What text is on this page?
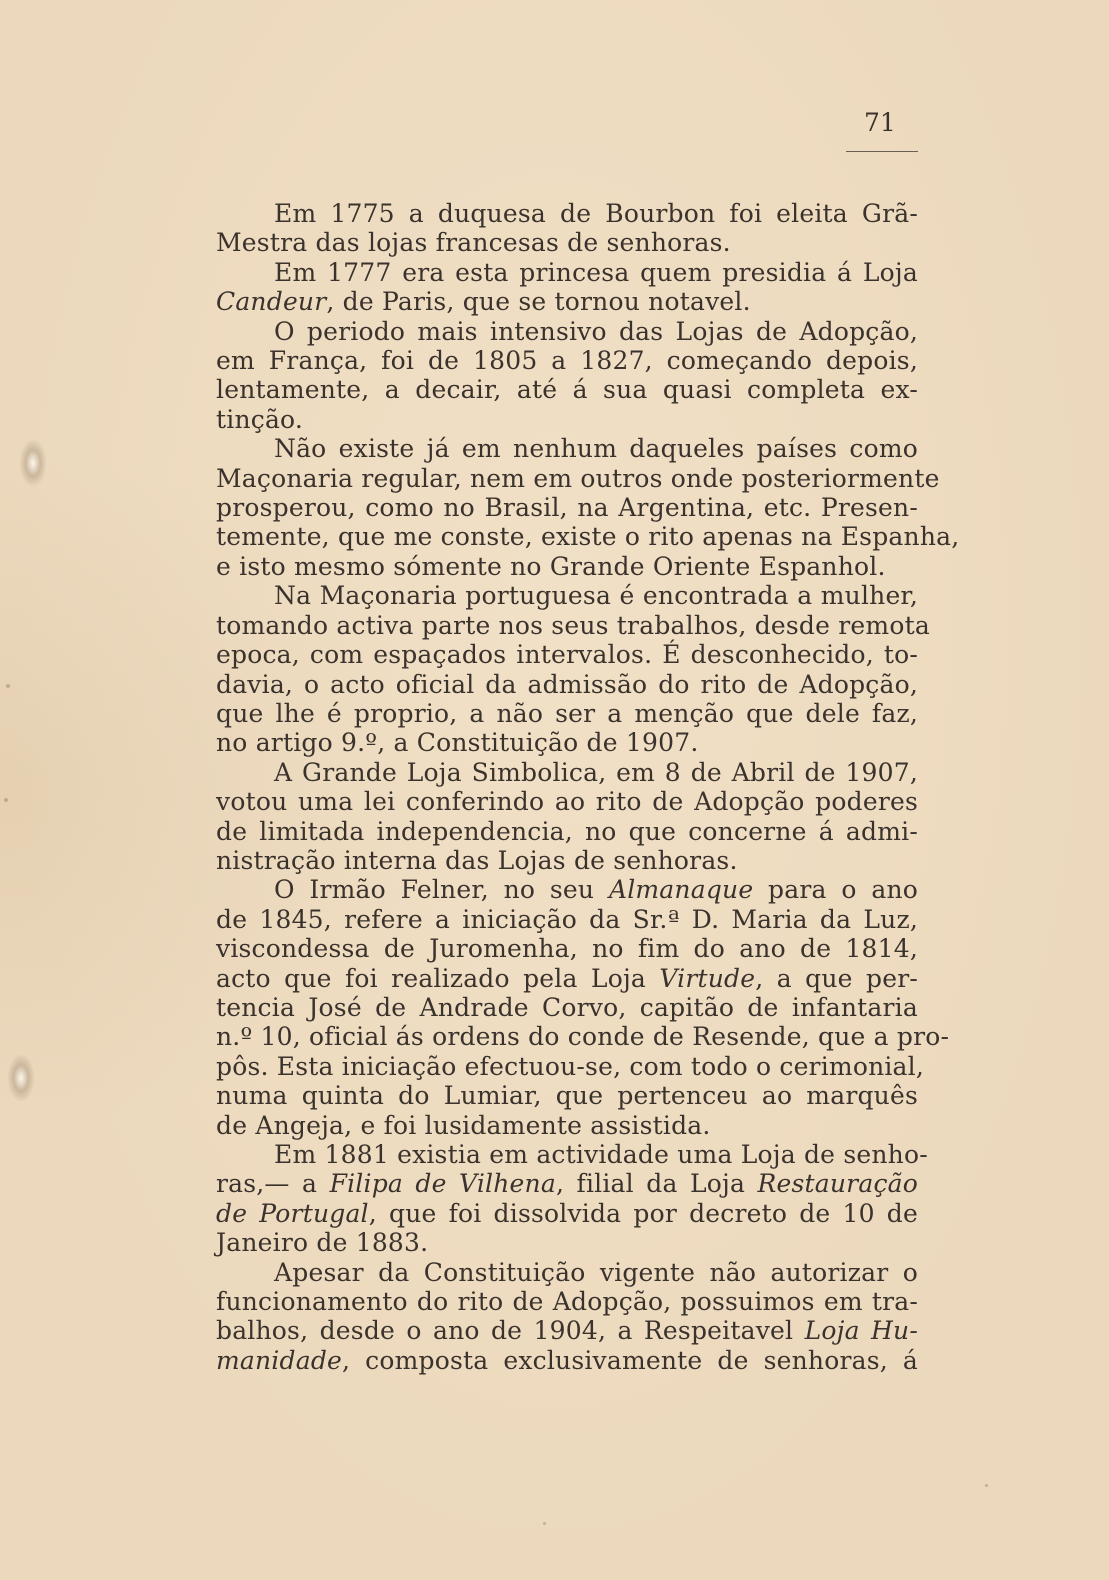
71

Em 1775 a duquesa de Bourbon foi eleita Grã-
Mestra das lojas francesas de senhoras.

Em 1777 era esta princesa quem presidia á Loja
Candeur, de Paris, que se tornou notavel.

O periodo mais intensivo das Lojas de Adopção,
em França, foi de 1805 a 1827, começando depois,
lentamente, a decair, até á sua quasi completa ex-
tinção.

Não existe já em nenhum daqueles países como
Maçonaria regular, nem em outros onde posteriormente
prosperou, como no Brasil, na Argentina, etc. Presen-
temente, que me conste, existe o rito apenas na Espanha,
e isto mesmo sómente no Grande Oriente Espanhol.

Na Maçonaria portuguesa é encontrada a mulher,
tomando activa parte nos seus trabalhos, desde remota
epoca, com espaçados intervalos. É desconhecido, to-
davia, o acto oficial da admissão do rito de Adopção,
que lhe é proprio, a não ser a menção que dele faz,
no artigo 9.º, a Constituição de 1907.

A Grande Loja Simbolica, em 8 de Abril de 1907,
votou uma lei conferindo ao rito de Adopção poderes
de limitada independencia, no que concerne á admi-
nistração interna das Lojas de senhoras.

O Irmão Felner, no seu Almanaque para o ano
de 1845, refere a iniciação da Sr.ª D. Maria da Luz,
viscondessa de Juromenha, no fim do ano de 1814,
acto que foi realizado pela Loja Virtude, a que per-
tencia José de Andrade Corvo, capitão de infantaria
n.º 10, oficial ás ordens do conde de Resende, que a pro-
pôs. Esta iniciação efectuou-se, com todo o cerimonial,
numa quinta do Lumiar, que pertenceu ao marquês
de Angeja, e foi lusidamente assistida.

Em 1881 existia em actividade uma Loja de senho-
ras,— a Filipa de Vilhena, filial da Loja Restauração
de Portugal, que foi dissolvida por decreto de 10 de
Janeiro de 1883.

Apesar da Constituição vigente não autorizar o
funcionamento do rito de Adopção, possuimos em tra-
balhos, desde o ano de 1904, a Respeitavel Loja Hu-
manidade, composta exclusivamente de senhoras, á
